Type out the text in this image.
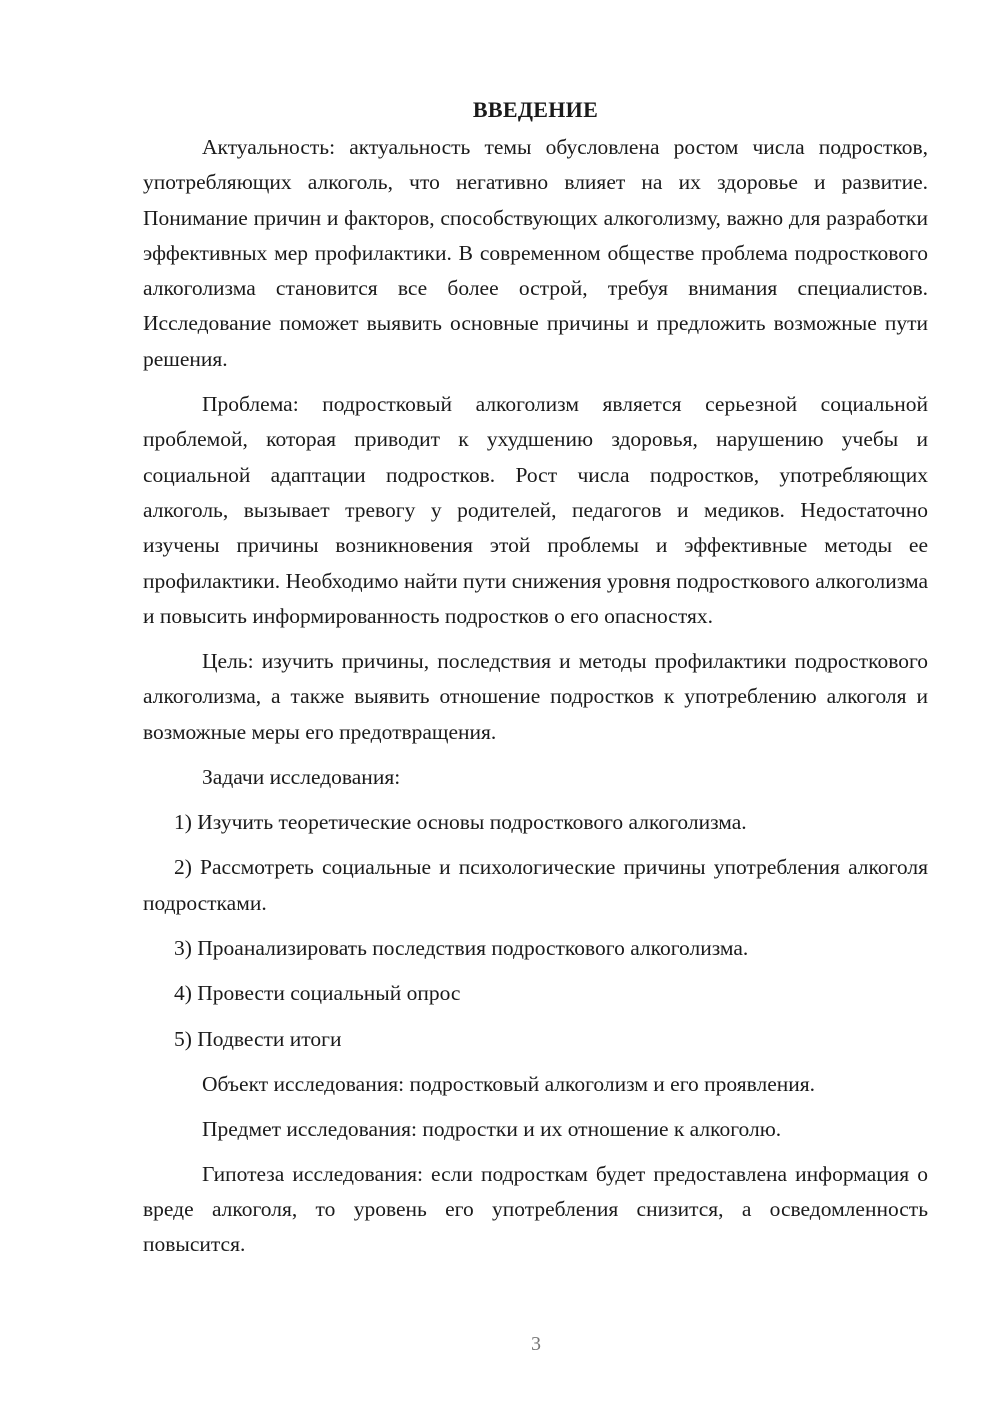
ВВЕДЕНИЕ

Актуальность: актуальность темы обусловлена ростом числа подростков, употребляющих алкоголь, что негативно влияет на их здоровье и развитие. Понимание причин и факторов, способствующих алкоголизму, важно для разработки эффективных мер профилактики. В современном обществе проблема подросткового алкоголизма становится все более острой, требуя внимания специалистов. Исследование поможет выявить основные причины и предложить возможные пути решения.

Проблема: подростковый алкоголизм является серьезной социальной проблемой, которая приводит к ухудшению здоровья, нарушению учебы и социальной адаптации подростков. Рост числа подростков, употребляющих алкоголь, вызывает тревогу у родителей, педагогов и медиков. Недостаточно изучены причины возникновения этой проблемы и эффективные методы ее профилактики. Необходимо найти пути снижения уровня подросткового алкоголизма и повысить информированность подростков о его опасностях.

Цель: изучить причины, последствия и методы профилактики подросткового алкоголизма, а также выявить отношение подростков к употреблению алкоголя и возможные меры его предотвращения.

Задачи исследования:

1) Изучить теоретические основы подросткового алкоголизма.

2) Рассмотреть социальные и психологические причины употребления алкоголя подростками.

3) Проанализировать последствия подросткового алкоголизма.

4) Провести социальный опрос

5) Подвести итоги

Объект исследования: подростковый алкоголизм и его проявления.

Предмет исследования: подростки и их отношение к алкоголю.

Гипотеза исследования: если подросткам будет предоставлена информация о вреде алкоголя, то уровень его употребления снизится, а осведомленность повысится.

3
